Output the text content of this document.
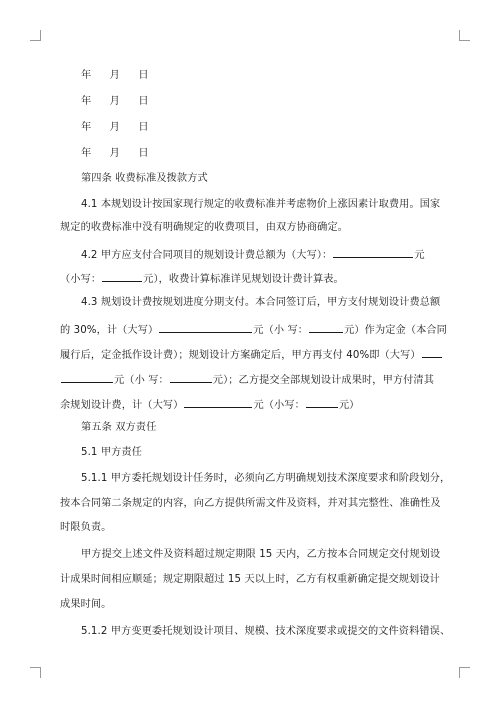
年  月  日
年  月  日
年  月  日
年  月  日
第四条 收费标准及拨款方式
4.1 本规划设计按国家现行规定的收费标准并考虑物价上涨因素计取费用。国家
规定的收费标准中没有明确规定的收费项目，由双方协商确定。
4.2 甲方应支付合同项目的规划设计费总额为（大写）：	元
（小写：	元），收费计算标准详见规划设计费计算表。
4.3 规划设计费按规划进度分期支付。本合同签订后，甲方支付规划设计费总额
的 30%，计（大写）	元（小 写：	元）作为定金（本合同
履行后，定金抵作设计费）；规划设计方案确定后，甲方再支付 40%即（大写）
元（小 写：	元）；乙方提交全部规划设计成果时，甲方付清其
余规划设计费，计（大写）	元（小写：	元）
第五条 双方责任
5.1 甲方责任
5.1.1 甲方委托规划设计任务时，必须向乙方明确规划技术深度要求和阶段划分，
按本合同第二条规定的内容，向乙方提供所需文件及资料，并对其完整性、准确性及
时限负责。
甲方提交上述文件及资料超过规定期限 15 天内，乙方按本合同规定交付规划设
计成果时间相应顺延；规定期限超过 15 天以上时，乙方有权重新确定提交规划设计
成果时间。
5.1.2 甲方变更委托规划设计项目、规模、技术深度要求或提交的文件资料错误、
